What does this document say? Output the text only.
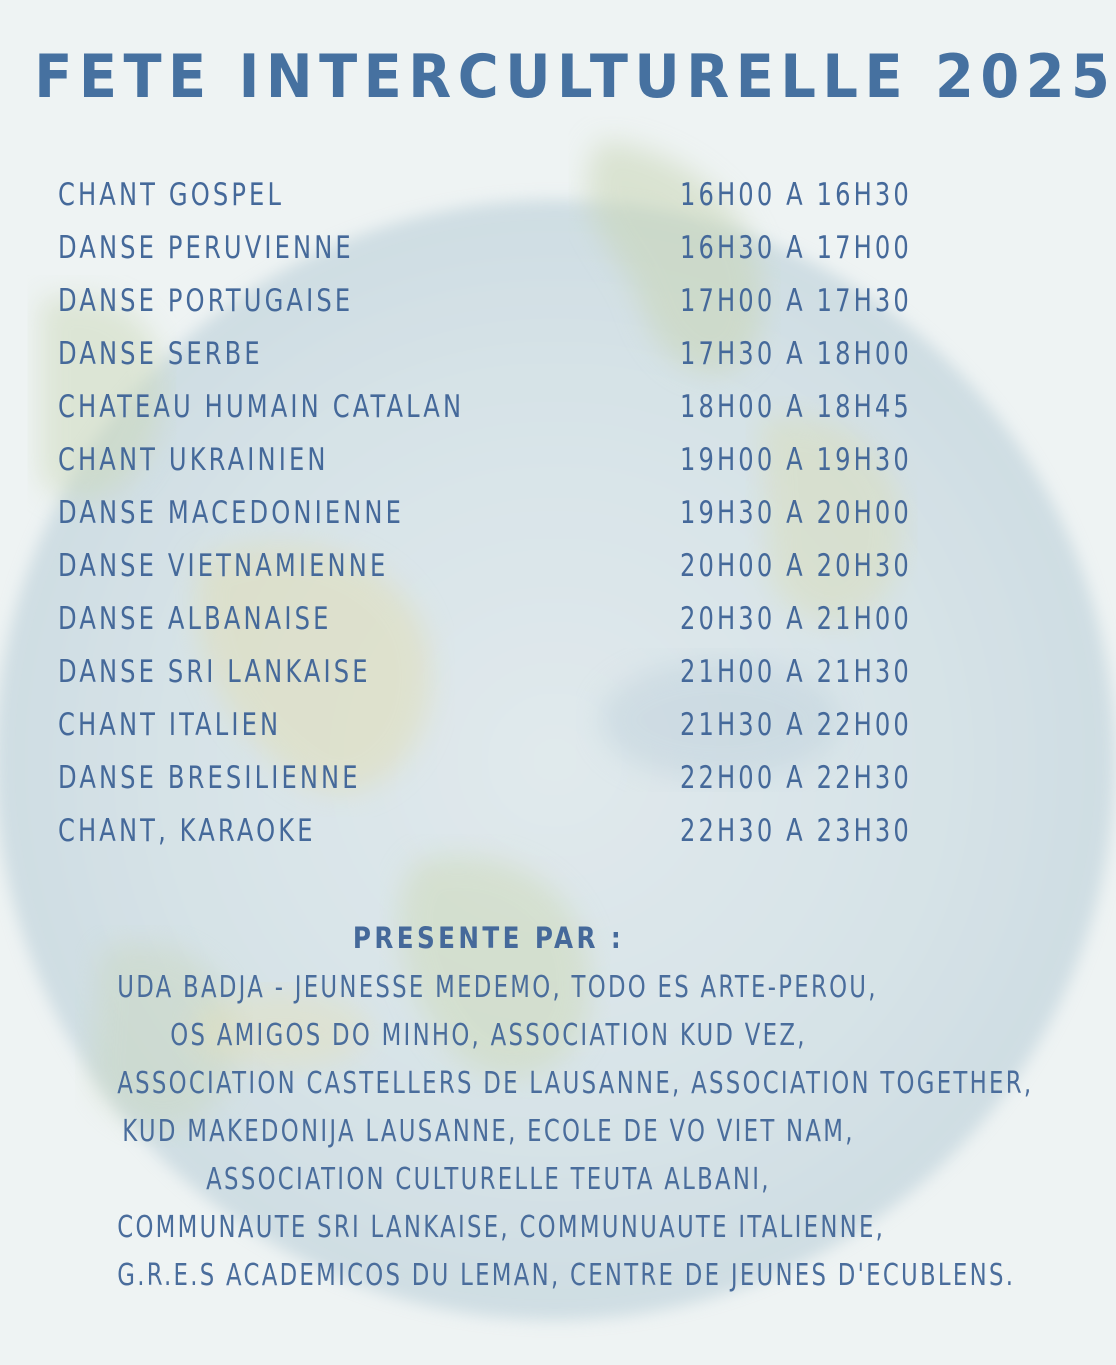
FETE INTERCULTURELLE 2025
CHANT GOSPEL	16H00 A 16H30
DANSE PERUVIENNE	16H30 A 17H00
DANSE PORTUGAISE	17H00 A 17H30
DANSE SERBE	17H30 A 18H00
CHATEAU HUMAIN CATALAN	18H00 A 18H45
CHANT UKRAINIEN	19H00 A 19H30
DANSE MACEDONIENNE	19H30 A 20H00
DANSE VIETNAMIENNE	20H00 A 20H30
DANSE ALBANAISE	20H30 A 21H00
DANSE SRI LANKAISE	21H00 A 21H30
CHANT ITALIEN	21H30 A 22H00
DANSE BRESILIENNE	22H00 A 22H30
CHANT, KARAOKE	22H30 A 23H30
PRESENTE PAR :
UDA BADJA - JEUNESSE MEDEMO, TODO ES ARTE-PEROU,
OS AMIGOS DO MINHO, ASSOCIATION KUD VEZ,
ASSOCIATION CASTELLERS DE LAUSANNE, ASSOCIATION TOGETHER,
KUD MAKEDONIJA LAUSANNE, ECOLE DE VO VIET NAM,
ASSOCIATION CULTURELLE TEUTA ALBANI,
COMMUNAUTE SRI LANKAISE, COMMUNUAUTE ITALIENNE,
G.R.E.S ACADEMICOS DU LEMAN, CENTRE DE JEUNES D'ECUBLENS.
